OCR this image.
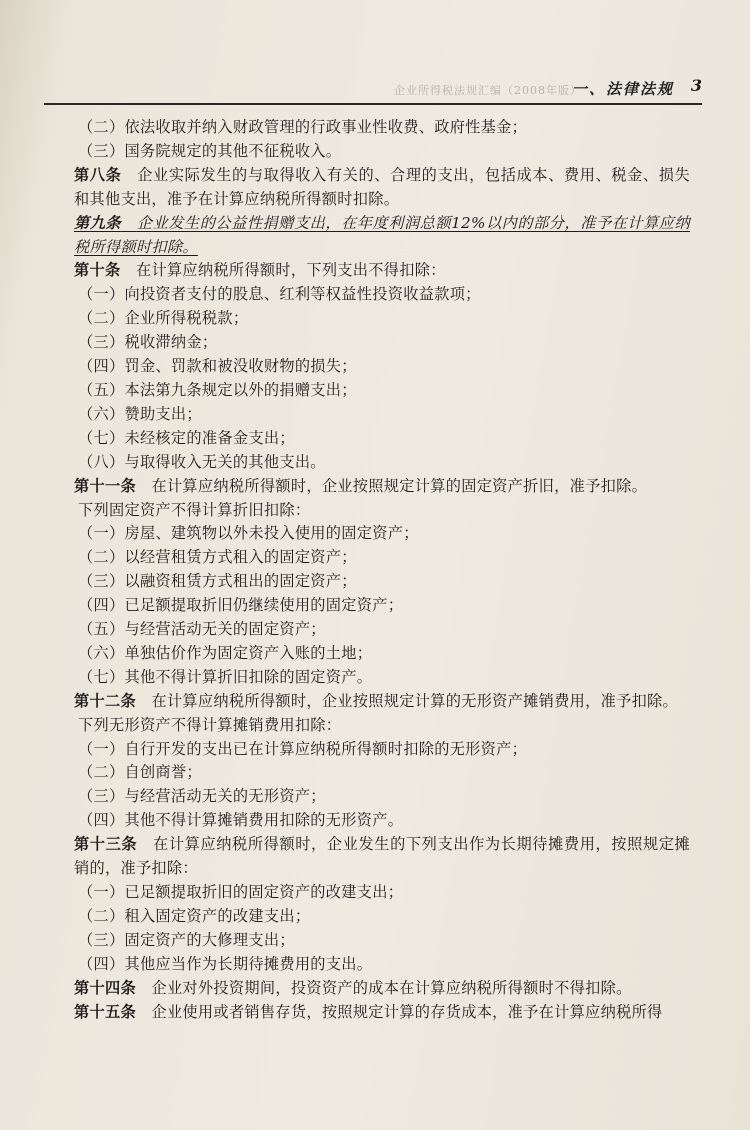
企业所得税法规汇编（2008年版）
一、法律法规 3

（二）依法收取并纳入财政管理的行政事业性收费、政府性基金；

（三）国务院规定的其他不征税收入。

第八条　 企业实际发生的与取得收入有关的、合理的支出，包括成本、费用、税金、损失和其他支出，准予在计算应纳税所得额时扣除。

第九条　 企业发生的公益性捐赠支出，在年度利润总额12%以内的部分，准予在计算应纳税所得额时扣除。

第十条　 在计算应纳税所得额时，下列支出不得扣除：

（一）向投资者支付的股息、红利等权益性投资收益款项；

（二）企业所得税税款；

（三）税收滞纳金；

（四）罚金、罚款和被没收财物的损失；

（五）本法第九条规定以外的捐赠支出；

（六）赞助支出；

（七）未经核定的准备金支出；

（八）与取得收入无关的其他支出。

第十一条　 在计算应纳税所得额时，企业按照规定计算的固定资产折旧，准予扣除。

下列固定资产不得计算折旧扣除：

（一）房屋、建筑物以外未投入使用的固定资产；

（二）以经营租赁方式租入的固定资产；

（三）以融资租赁方式租出的固定资产；

（四）已足额提取折旧仍继续使用的固定资产；

（五）与经营活动无关的固定资产；

（六）单独估价作为固定资产入账的土地；

（七）其他不得计算折旧扣除的固定资产。

第十二条　 在计算应纳税所得额时，企业按照规定计算的无形资产摊销费用，准予扣除。

下列无形资产不得计算摊销费用扣除：

（一）自行开发的支出已在计算应纳税所得额时扣除的无形资产；

（二）自创商誉；

（三）与经营活动无关的无形资产；

（四）其他不得计算摊销费用扣除的无形资产。

第十三条　 在计算应纳税所得额时，企业发生的下列支出作为长期待摊费用，按照规定摊销的，准予扣除：

（一）已足额提取折旧的固定资产的改建支出；

（二）租入固定资产的改建支出；

（三）固定资产的大修理支出；

（四）其他应当作为长期待摊费用的支出。

第十四条　 企业对外投资期间，投资资产的成本在计算应纳税所得额时不得扣除。

第十五条　 企业使用或者销售存货，按照规定计算的存货成本，准予在计算应纳税所得
